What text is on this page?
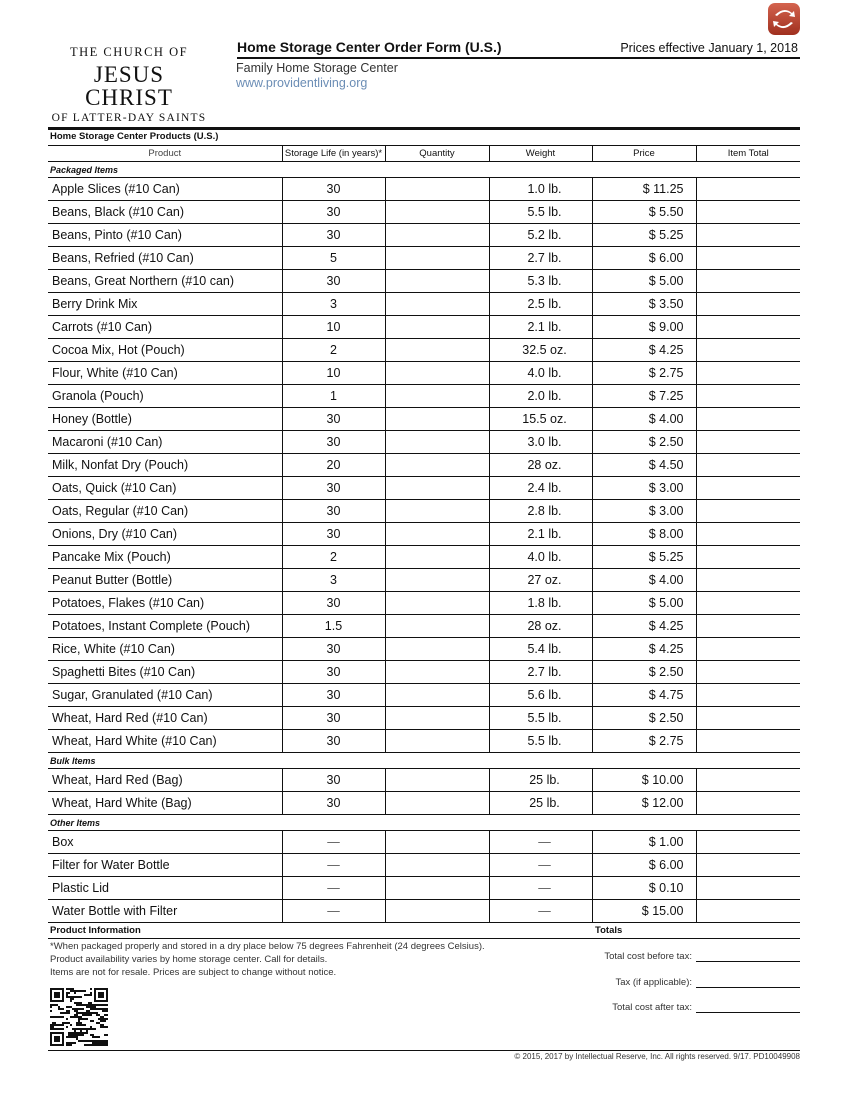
THE CHURCH OF
JESUS CHRIST
OF LATTER-DAY SAINTS
Home Storage Center Order Form (U.S.)	Prices effective January 1, 2018
Family Home Storage Center
www.providentliving.org
Home Storage Center Products (U.S.)
Product	Storage Life (in years)*	Quantity	Weight	Price	Item Total
Packaged Items					
Apple Slices (#10 Can)	30		1.0 lb.	$ 11.25	
Beans, Black (#10 Can)	30		5.5 lb.	$ 5.50	
Beans, Pinto (#10 Can)	30		5.2 lb.	$ 5.25	
Beans, Refried (#10 Can)	5		2.7 lb.	$ 6.00	
Beans, Great Northern (#10 can)	30		5.3 lb.	$ 5.00	
Berry Drink Mix	3		2.5 lb.	$ 3.50	
Carrots (#10 Can)	10		2.1 lb.	$ 9.00	
Cocoa Mix, Hot (Pouch)	2		32.5 oz.	$ 4.25	
Flour, White (#10 Can)	10		4.0 lb.	$ 2.75	
Granola (Pouch)	1		2.0 lb.	$ 7.25	
Honey (Bottle)	30		15.5 oz.	$ 4.00	
Macaroni (#10 Can)	30		3.0 lb.	$ 2.50	
Milk, Nonfat Dry (Pouch)	20		28 oz.	$ 4.50	
Oats, Quick (#10 Can)	30		2.4 lb.	$ 3.00	
Oats, Regular (#10 Can)	30		2.8 lb.	$ 3.00	
Onions, Dry (#10 Can)	30		2.1 lb.	$ 8.00	
Pancake Mix (Pouch)	2		4.0 lb.	$ 5.25	
Peanut Butter (Bottle)	3		27 oz.	$ 4.00	
Potatoes, Flakes (#10 Can)	30		1.8 lb.	$ 5.00	
Potatoes, Instant Complete (Pouch)	1.5		28 oz.	$ 4.25	
Rice, White (#10 Can)	30		5.4 lb.	$ 4.25	
Spaghetti Bites (#10 Can)	30		2.7 lb.	$ 2.50	
Sugar, Granulated (#10 Can)	30		5.6 lb.	$ 4.75	
Wheat, Hard Red (#10 Can)	30		5.5 lb.	$ 2.50	
Wheat, Hard White (#10 Can)	30		5.5 lb.	$ 2.75	
Bulk Items					
Wheat, Hard Red (Bag)	30		25 lb.	$ 10.00	
Wheat, Hard White (Bag)	30		25 lb.	$ 12.00	
Other Items					
Box	—		—	$ 1.00	
Filter for Water Bottle	—		—	$ 6.00	
Plastic Lid	—		—	$ 0.10	
Water Bottle with Filter	—		—	$ 15.00	
Product Information	Totals
*When packaged properly and stored in a dry place below 75 degrees Fahrenheit (24 degrees Celsius).
Product availability varies by home storage center. Call for details.
Items are not for resale. Prices are subject to change without notice.
Total cost before tax:
Tax (if applicable):
Total cost after tax:
© 2015, 2017 by Intellectual Reserve, Inc. All rights reserved. 9/17. PD10049908
